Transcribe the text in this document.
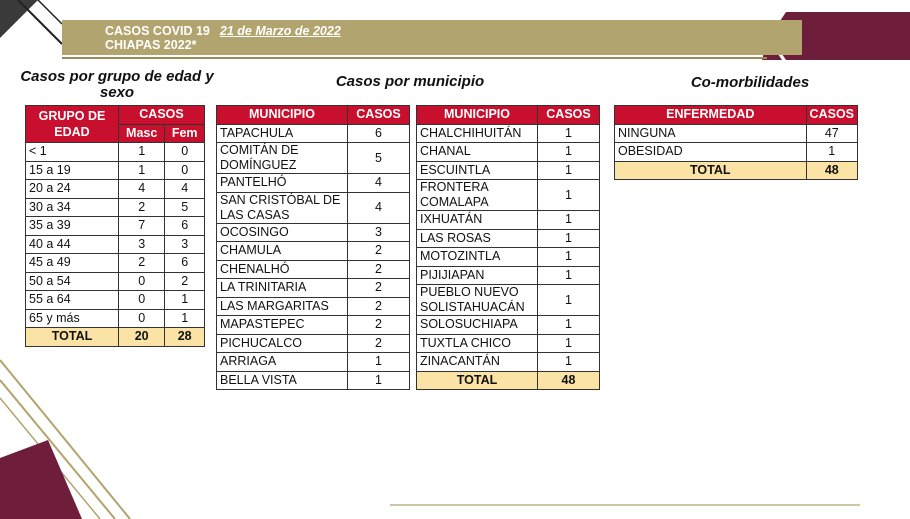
CASOS COVID 19 21 de Marzo de 2022
CHIAPAS 2022*
Casos por grupo de edad y sexo
Casos por municipio	Co-morbilidades
GRUPO DE EDAD	CASOS	
	Masc	Fem
< 1	1	0
15 a 19	1	0
20 a 24	4	4
30 a 34	2	5
35 a 39	7	6
40 a 44	3	3
45 a 49	2	6
50 a 54	0	2
55 a 64	0	1
65 y más	0	1
TOTAL	20	28
MUNICIPIO	CASOS
TAPACHULA	6
COMITÁN DE DOMÍNGUEZ	5
PANTELHÓ	4
SAN CRISTÓBAL DE LAS CASAS	4
OCOSINGO	3
CHAMULA	2
CHENALHÓ	2
LA TRINITARIA	2
LAS MARGARITAS	2
MAPASTEPEC	2
PICHUCALCO	2
ARRIAGA	1
BELLA VISTA	1
MUNICIPIO	CASOS
CHALCHIHUITÁN	1
CHANAL	1
ESCUINTLA	1
FRONTERA COMALAPA	1
IXHUATÁN	1
LAS ROSAS	1
MOTOZINTLA	1
PIJIJIAPAN	1
PUEBLO NUEVO SOLISTAHUACÁN	1
SOLOSUCHIAPA	1
TUXTLA CHICO	1
ZINACANTÁN	1
TOTAL	48
ENFERMEDAD	CASOS
NINGUNA	47
OBESIDAD	1
TOTAL	48
